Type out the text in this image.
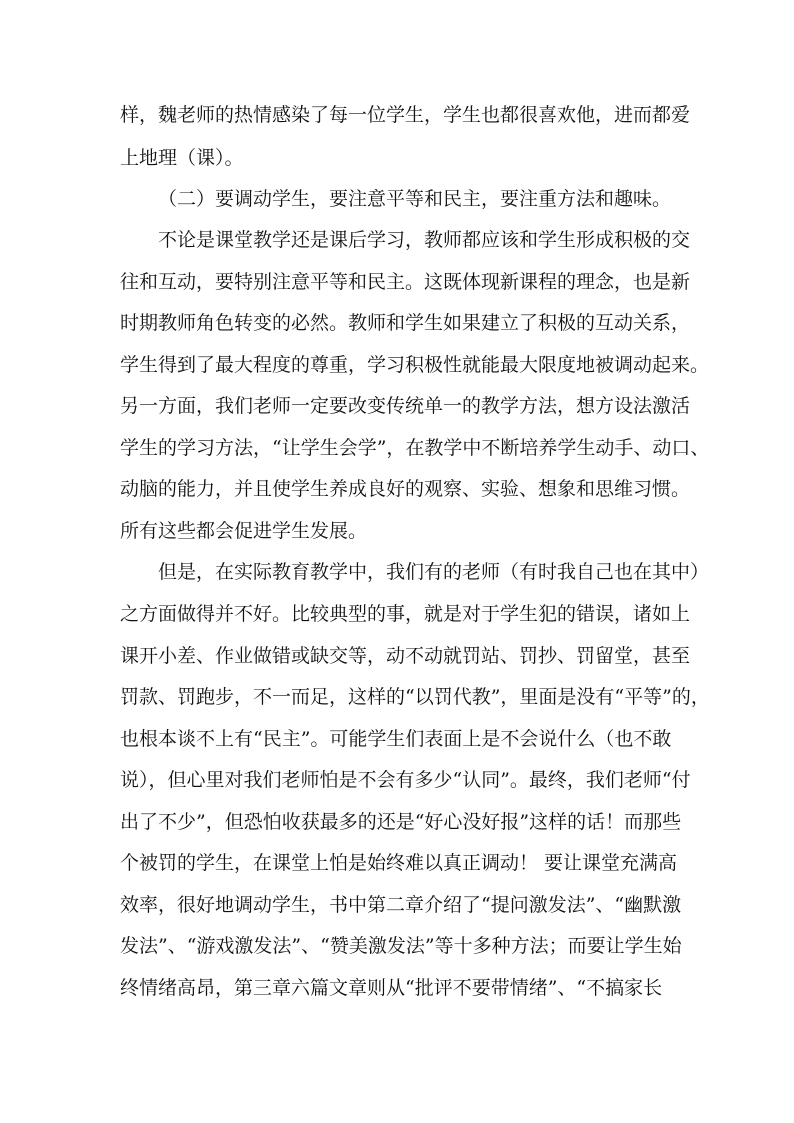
样，魏老师的热情感染了每一位学生，学生也都很喜欢他，进而都爱
上地理（课）。
（二）要调动学生，要注意平等和民主，要注重方法和趣味。
不论是课堂教学还是课后学习，教师都应该和学生形成积极的交
往和互动，要特别注意平等和民主。这既体现新课程的理念，也是新
时期教师角色转变的必然。教师和学生如果建立了积极的互动关系，
学生得到了最大程度的尊重，学习积极性就能最大限度地被调动起来。
另一方面，我们老师一定要改变传统单一的教学方法，想方设法激活
学生的学习方法，“让学生会学”，在教学中不断培养学生动手、动口、
动脑的能力，并且使学生养成良好的观察、实验、想象和思维习惯。
所有这些都会促进学生发展。
但是，在实际教育教学中，我们有的老师（有时我自己也在其中）
之方面做得并不好。比较典型的事，就是对于学生犯的错误，诸如上
课开小差、作业做错或缺交等，动不动就罚站、罚抄、罚留堂，甚至
罚款、罚跑步，不一而足，这样的“以罚代教”，里面是没有“平等”的，
也根本谈不上有“民主”。可能学生们表面上是不会说什么（也不敢
说），但心里对我们老师怕是不会有多少“认同”。最终，我们老师“付
出了不少”，但恐怕收获最多的还是“好心没好报”这样的话！而那些
个被罚的学生，在课堂上怕是始终难以真正调动！ 要让课堂充满高
效率，很好地调动学生，书中第二章介绍了“提问激发法”、“幽默激
发法”、“游戏激发法”、“赞美激发法”等十多种方法；而要让学生始
终情绪高昂，第三章六篇文章则从“批评不要带情绪”、“不搞家长
